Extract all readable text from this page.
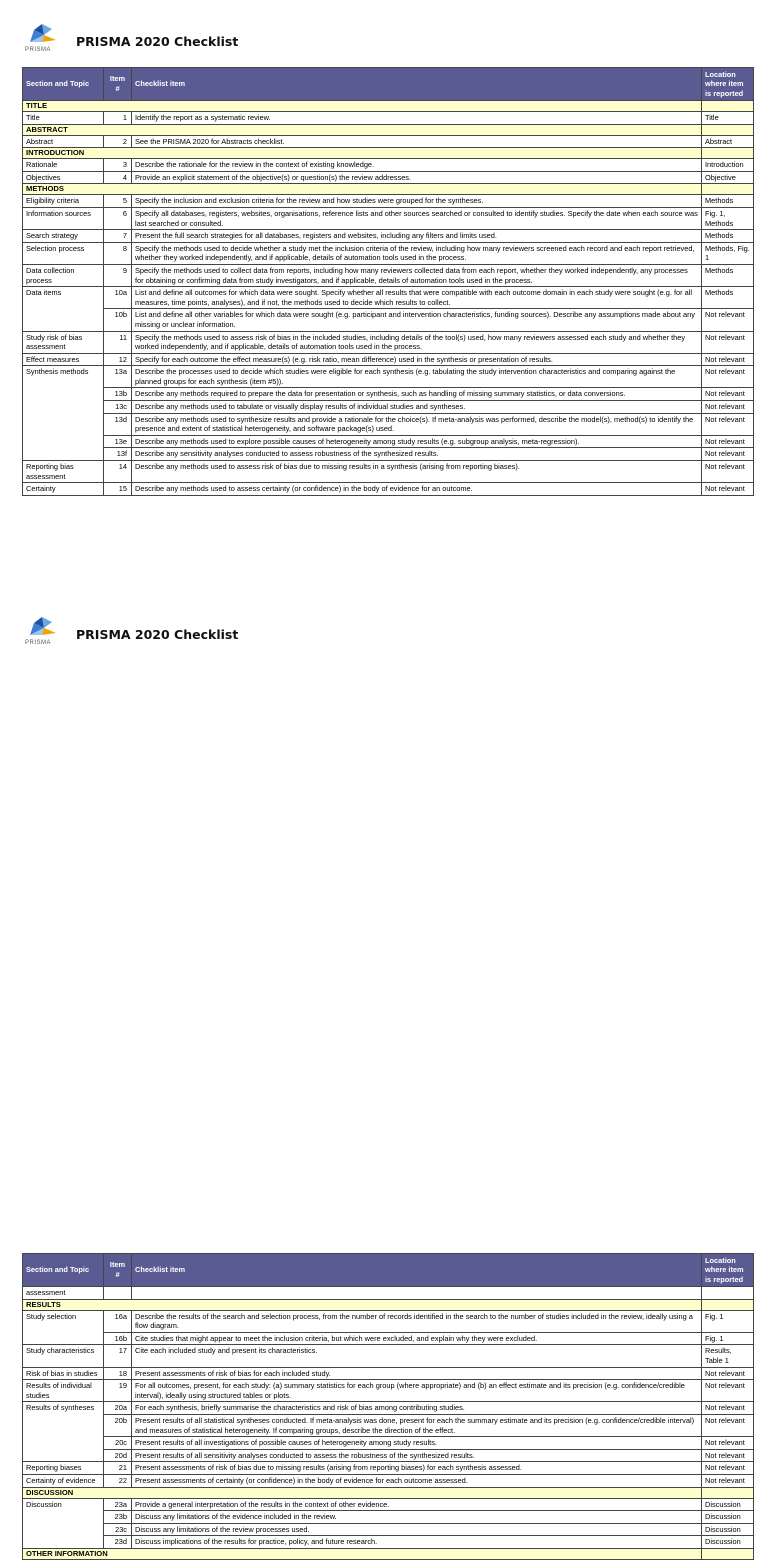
PRISMA
PRISMA 2020 Checklist
Section and Topic	Item #	Checklist item	Location where item is reported
TITLE			
Title	1	Identify the report as a systematic review.	Title
ABSTRACT			
Abstract	2	See the PRISMA 2020 for Abstracts checklist.	Abstract
INTRODUCTION			
Rationale	3	Describe the rationale for the review in the context of existing knowledge.	Introduction
Objectives	4	Provide an explicit statement of the objective(s) or question(s) the review addresses.	Objective
METHODS			
Eligibility criteria	5	Specify the inclusion and exclusion criteria for the review and how studies were grouped for the syntheses.	Methods
Information sources	6	Specify all databases, registers, websites, organisations, reference lists and other sources searched or consulted to identify studies. Specify the date when each source was last searched or consulted.	Fig. 1, Methods
Search strategy	7	Present the full search strategies for all databases, registers and websites, including any filters and limits used.	Methods
Selection process	8	Specify the methods used to decide whether a study met the inclusion criteria of the review, including how many reviewers screened each record and each report retrieved, whether they worked independently, and if applicable, details of automation tools used in the process.	Methods, Fig. 1
Data collection process	9	Specify the methods used to collect data from reports, including how many reviewers collected data from each report, whether they worked independently, any processes for obtaining or confirming data from study investigators, and if applicable, details of automation tools used in the process.	Methods
Data items	10a	List and define all outcomes for which data were sought. Specify whether all results that were compatible with each outcome domain in each study were sought (e.g. for all measures, time points, analyses), and if not, the methods used to decide which results to collect.	Methods
	10b	List and define all other variables for which data were sought (e.g. participant and intervention characteristics, funding sources). Describe any assumptions made about any missing or unclear information.	Not relevant
Study risk of bias assessment	11	Specify the methods used to assess risk of bias in the included studies, including details of the tool(s) used, how many reviewers assessed each study and whether they worked independently, and if applicable, details of automation tools used in the process.	Not relevant
Effect measures	12	Specify for each outcome the effect measure(s) (e.g. risk ratio, mean difference) used in the synthesis or presentation of results.	Not relevant
Synthesis methods	13a	Describe the processes used to decide which studies were eligible for each synthesis (e.g. tabulating the study intervention characteristics and comparing against the planned groups for each synthesis (item #5)).	Not relevant
	13b	Describe any methods required to prepare the data for presentation or synthesis, such as handling of missing summary statistics, or data conversions.	Not relevant
	13c	Describe any methods used to tabulate or visually display results of individual studies and syntheses.	Not relevant
	13d	Describe any methods used to synthesize results and provide a rationale for the choice(s). If meta-analysis was performed, describe the model(s), method(s) to identify the presence and extent of statistical heterogeneity, and software package(s) used.	Not relevant
	13e	Describe any methods used to explore possible causes of heterogeneity among study results (e.g. subgroup analysis, meta-regression).	Not relevant
	13f	Describe any sensitivity analyses conducted to assess robustness of the synthesized results.	Not relevant
Reporting bias assessment	14	Describe any methods used to assess risk of bias due to missing results in a synthesis (arising from reporting biases).	Not relevant
Certainty	15	Describe any methods used to assess certainty (or confidence) in the body of evidence for an outcome.	Not relevant
PRISMA
PRISMA 2020 Checklist
Section and Topic	Item #	Checklist item	Location where item is reported
assessment			
RESULTS			
Study selection	16a	Describe the results of the search and selection process, from the number of records identified in the search to the number of studies included in the review, ideally using a flow diagram.	Fig. 1
	16b	Cite studies that might appear to meet the inclusion criteria, but which were excluded, and explain why they were excluded.	Fig. 1
Study characteristics	17	Cite each included study and present its characteristics.	Results, Table 1
Risk of bias in studies	18	Present assessments of risk of bias for each included study.	Not relevant
Results of individual studies	19	For all outcomes, present, for each study: (a) summary statistics for each group (where appropriate) and (b) an effect estimate and its precision (e.g. confidence/credible interval), ideally using structured tables or plots.	Not relevant
Results of syntheses	20a	For each synthesis, briefly summarise the characteristics and risk of bias among contributing studies.	Not relevant
	20b	Present results of all statistical syntheses conducted. If meta-analysis was done, present for each the summary estimate and its precision (e.g. confidence/credible interval) and measures of statistical heterogeneity. If comparing groups, describe the direction of the effect.	Not relevant
	20c	Present results of all investigations of possible causes of heterogeneity among study results.	Not relevant
	20d	Present results of all sensitivity analyses conducted to assess the robustness of the synthesized results.	Not relevant
Reporting biases	21	Present assessments of risk of bias due to missing results (arising from reporting biases) for each synthesis assessed.	Not relevant
Certainty of evidence	22	Present assessments of certainty (or confidence) in the body of evidence for each outcome assessed.	Not relevant
DISCUSSION			
Discussion	23a	Provide a general interpretation of the results in the context of other evidence.	Discussion
	23b	Discuss any limitations of the evidence included in the review.	Discussion
	23c	Discuss any limitations of the review processes used.	Discussion
	23d	Discuss implications of the results for practice, policy, and future research.	Discussion
OTHER INFORMATION			
